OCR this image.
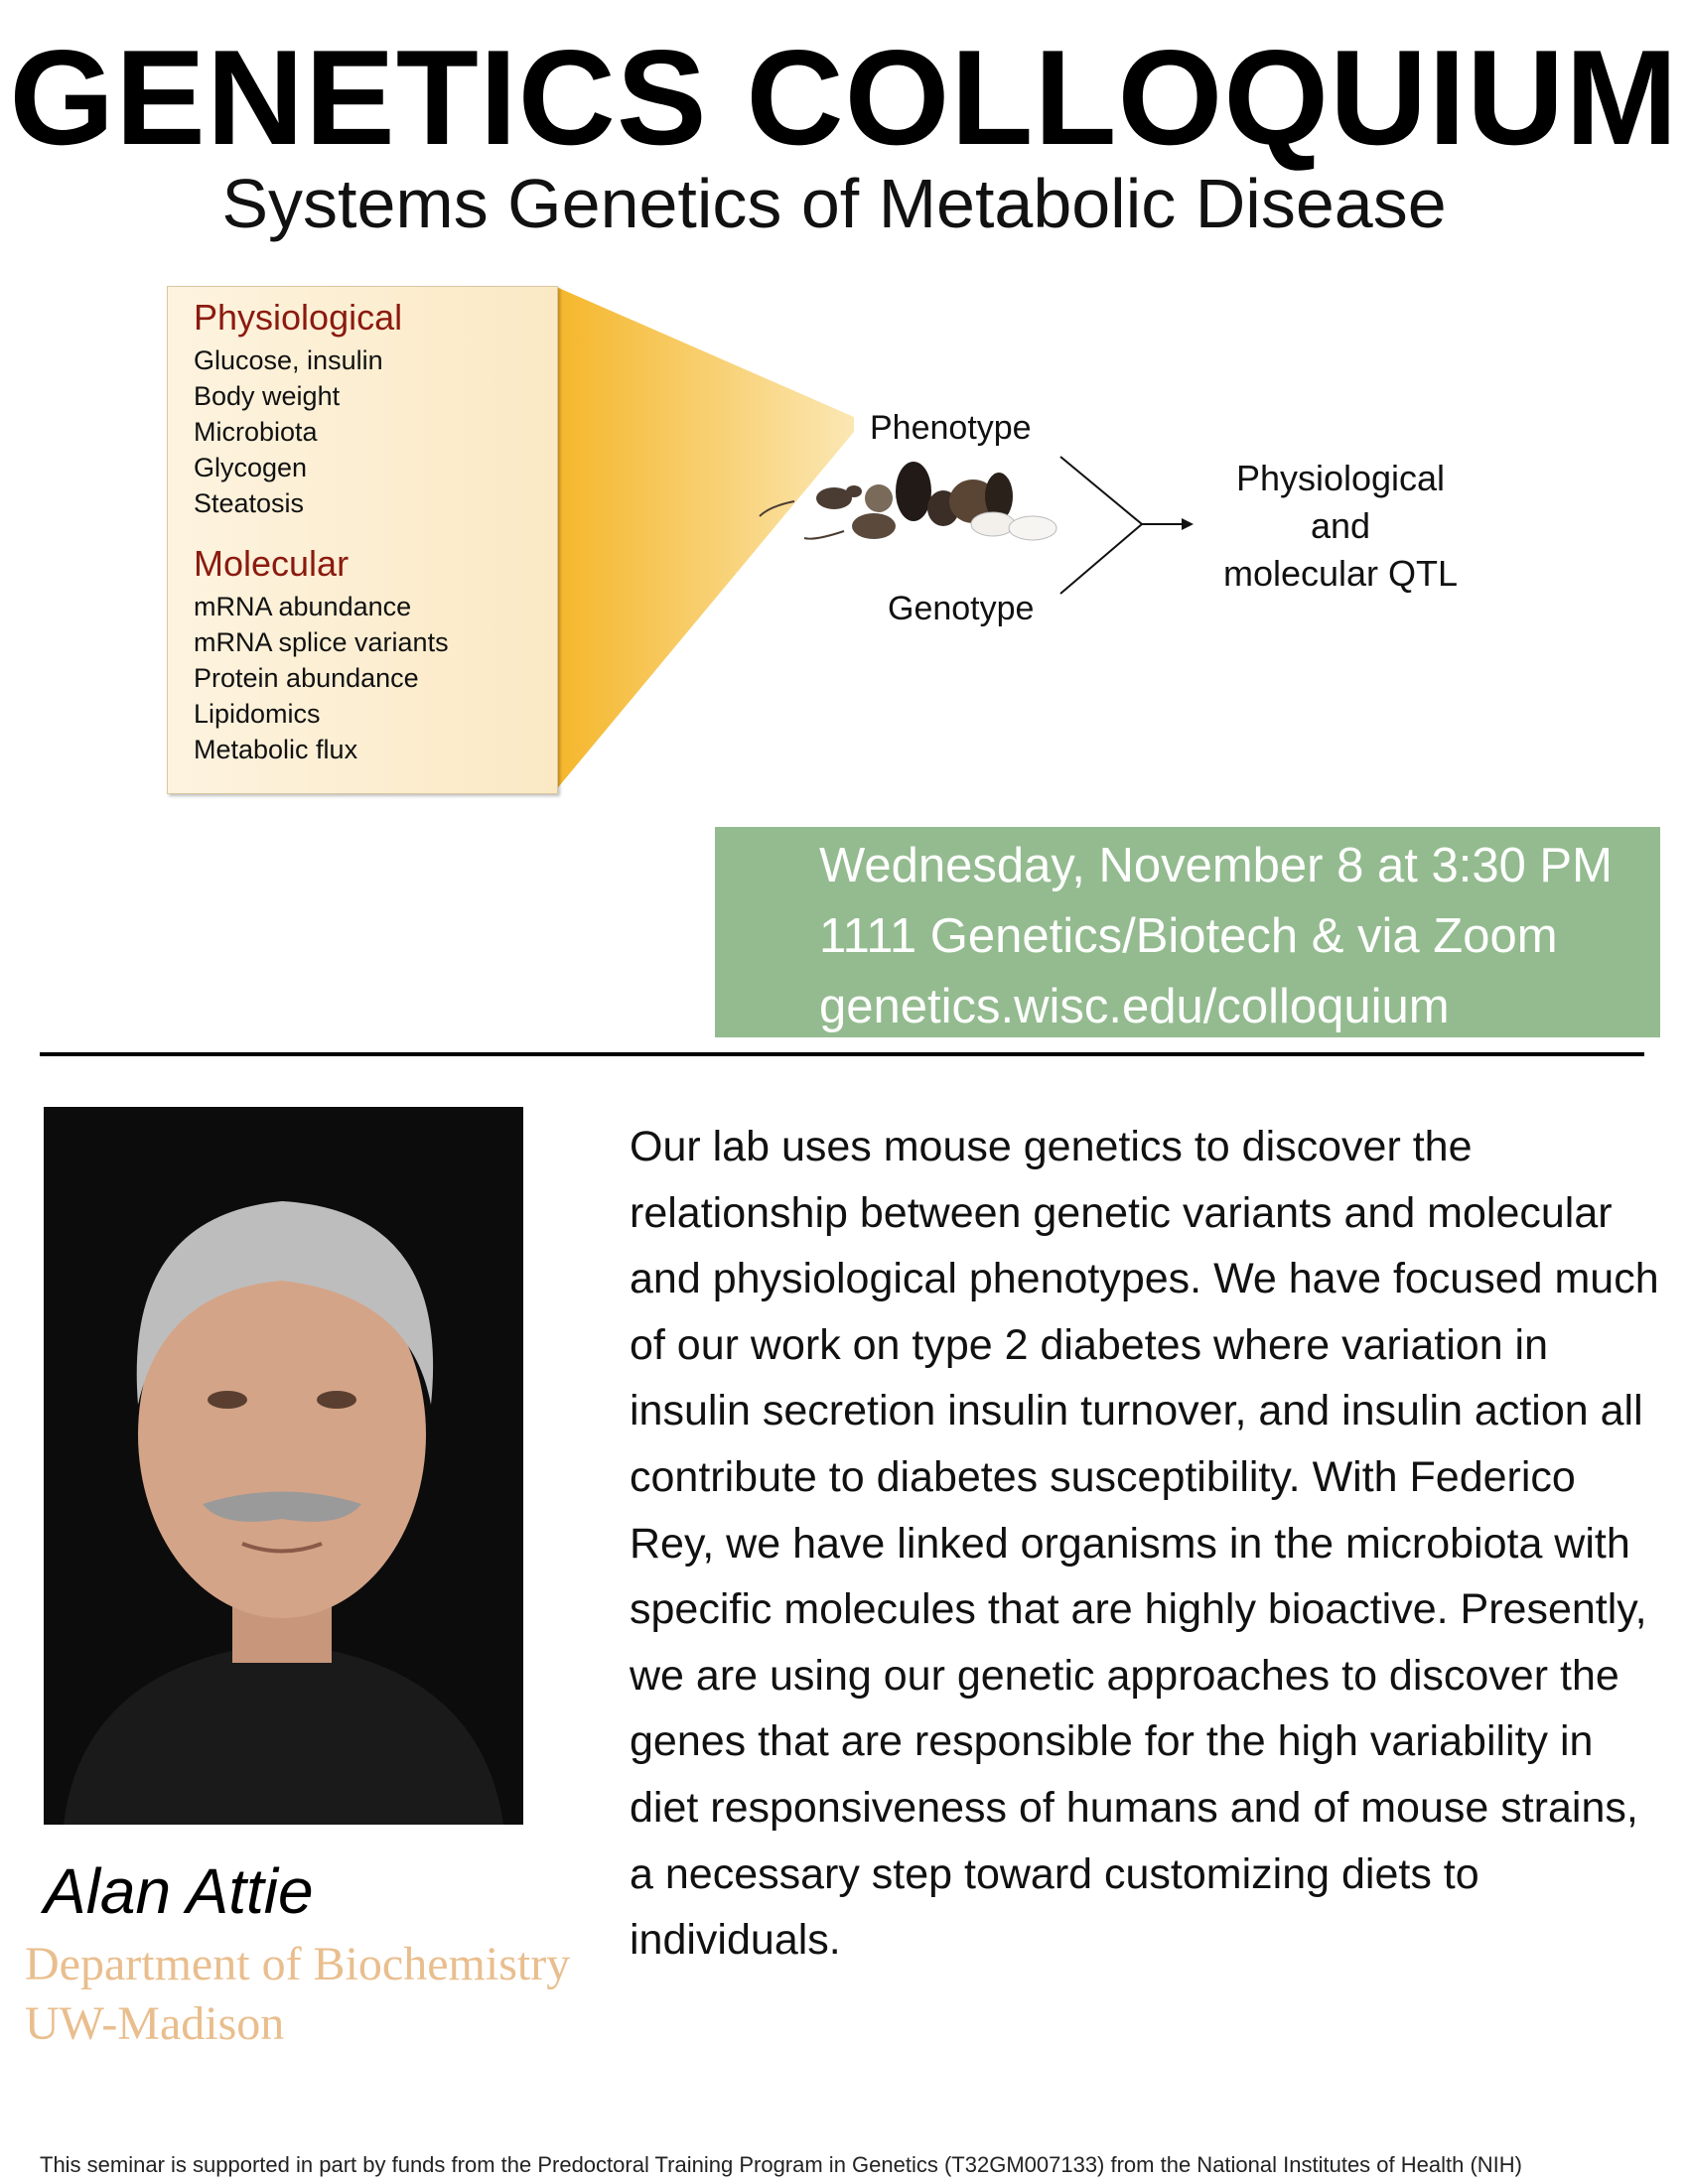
GENETICS COLLOQUIUM
Systems Genetics of Metabolic Disease
Physiological
Glucose, insulin
Body weight
Microbiota
Glycogen
Steatosis
Molecular
mRNA abundance
mRNA splice variants
Protein abundance
Lipidomics
Metabolic flux
Phenotype
Genotype
Physiological
and
molecular QTL
Wednesday, November 8 at 3:30 PM
1111 Genetics/Biotech & via Zoom
genetics.wisc.edu/colloquium
Alan Attie
Department of Biochemistry
UW-Madison
Our lab uses mouse genetics to discover the relationship between genetic variants and molecular and physiological phenotypes. We have focused much of our work on type 2 diabetes where variation in insulin secretion insulin turnover, and insulin action all contribute to diabetes susceptibility. With Federico Rey, we have linked organisms in the microbiota with specific molecules that are highly bioactive. Presently, we are using our genetic approaches to discover the genes that are responsible for the high variability in diet responsiveness of humans and of mouse strains, a necessary step toward customizing diets to individuals.
This seminar is supported in part by funds from the Predoctoral Training Program in Genetics (T32GM007133) from the National Institutes of Health (NIH)
